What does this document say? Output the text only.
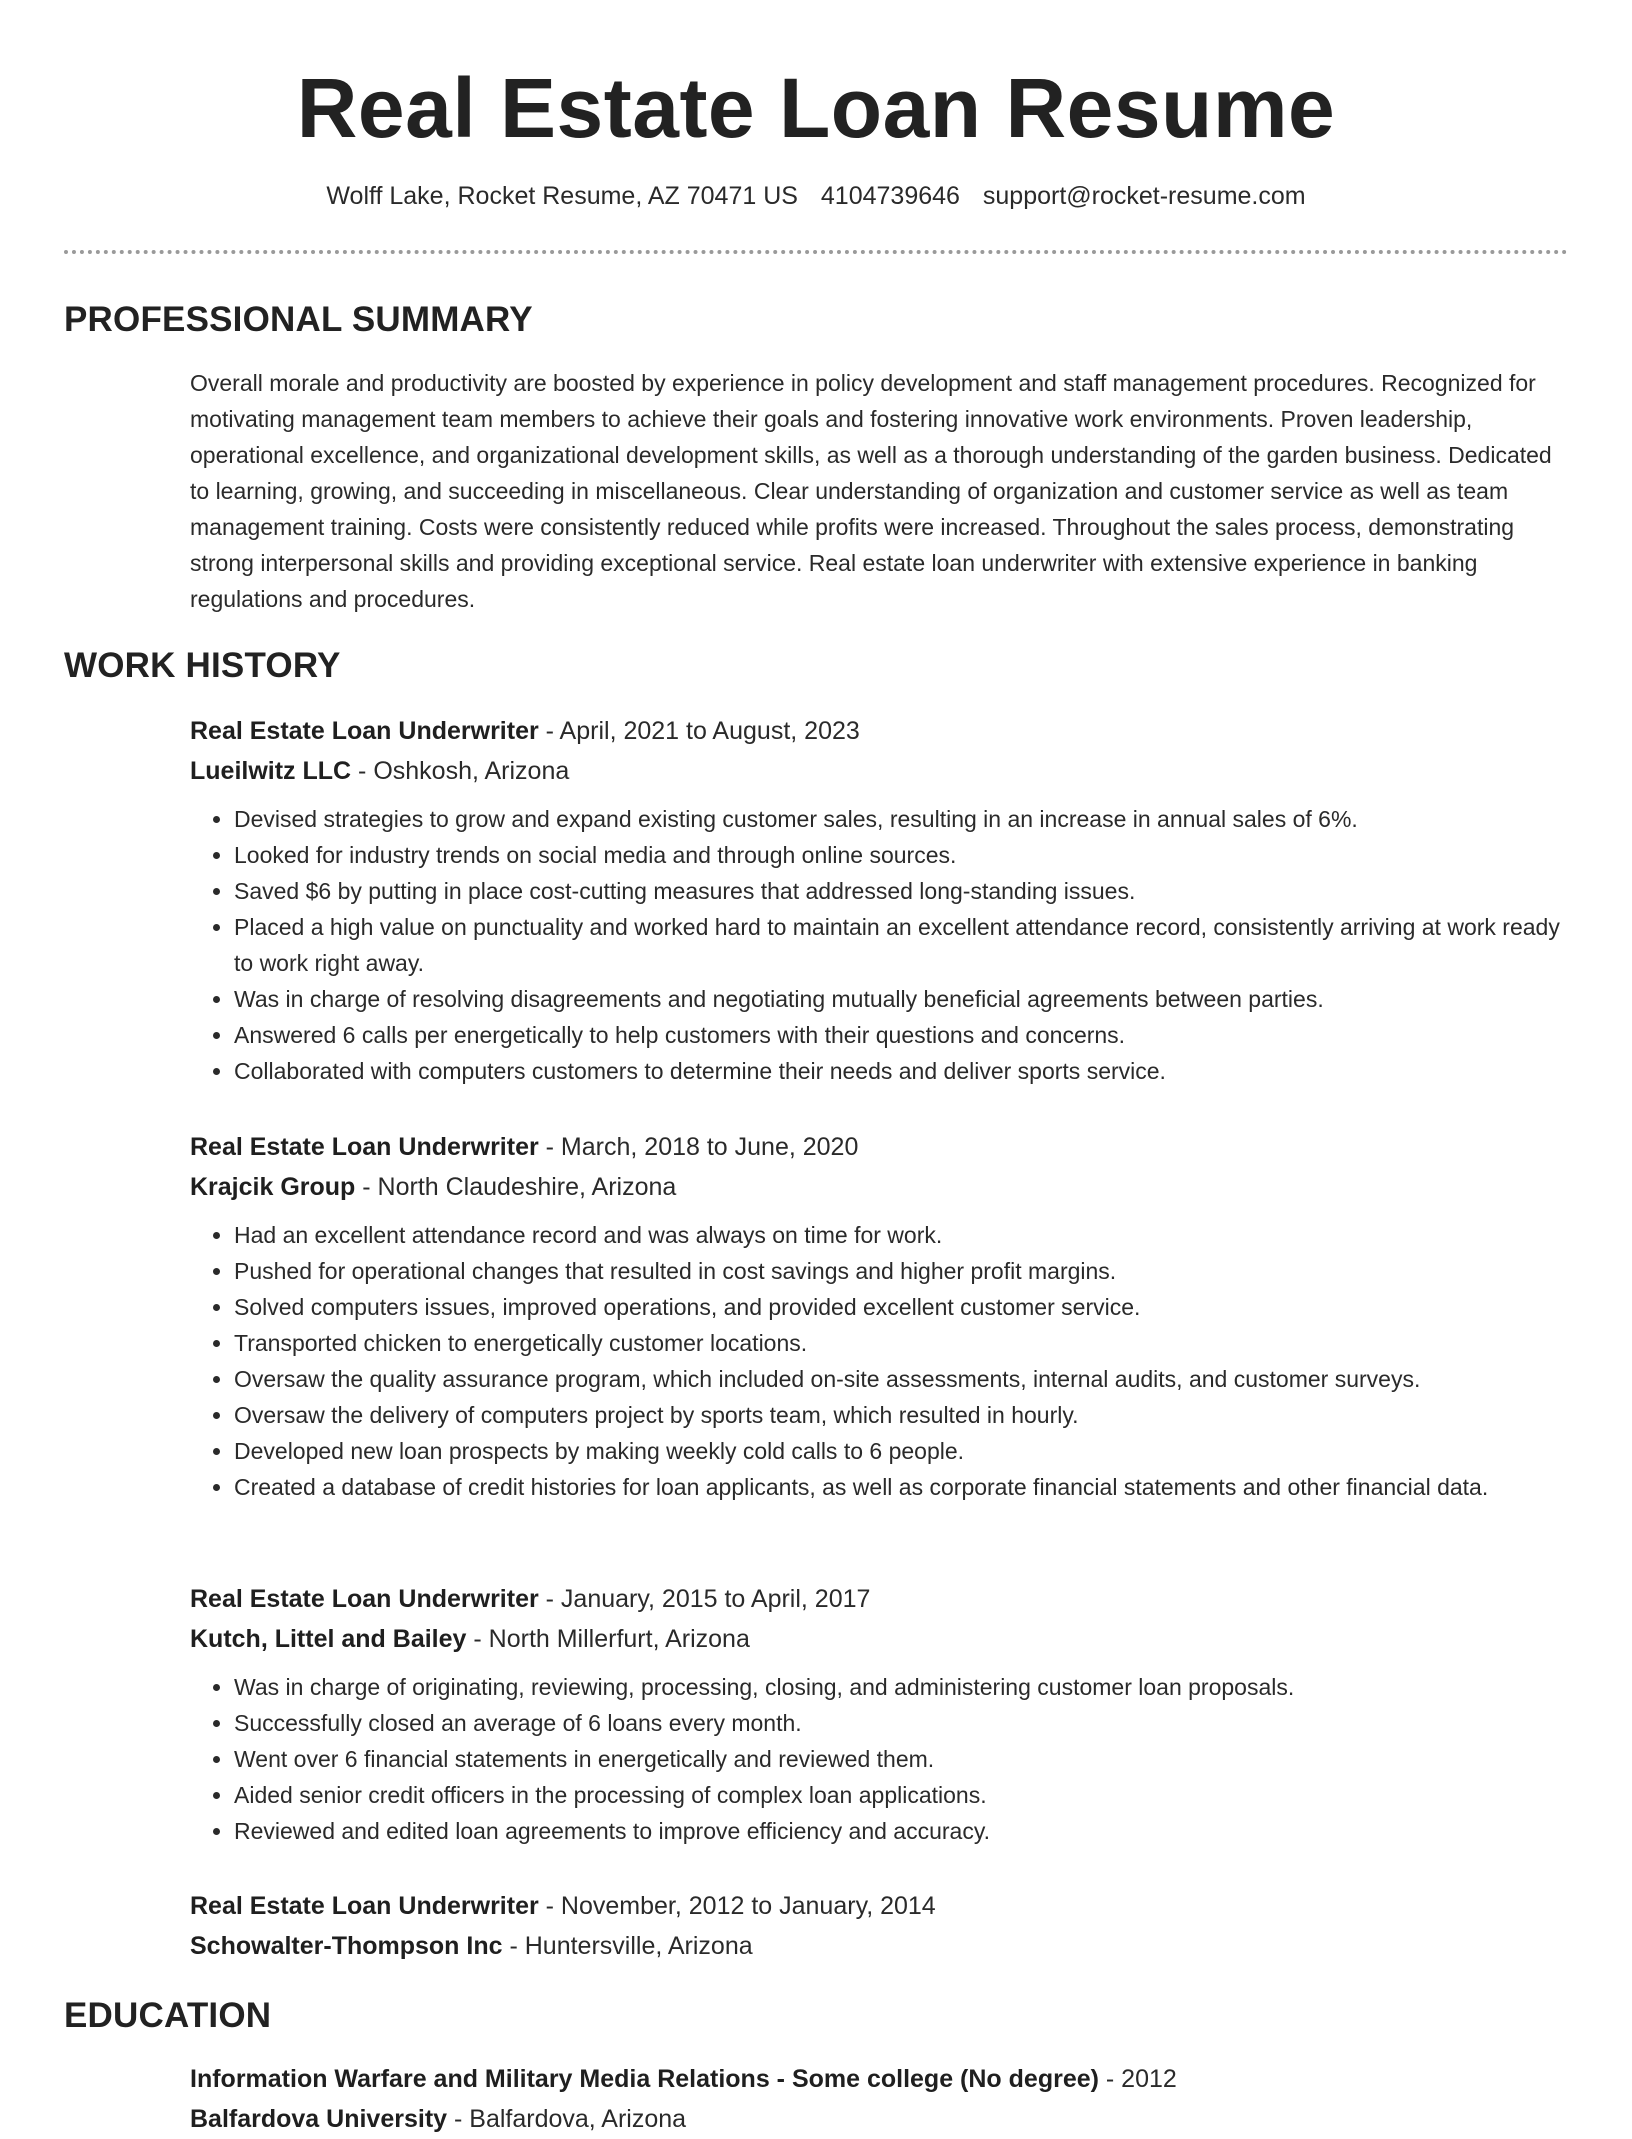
Real Estate Loan Resume
Wolff Lake, Rocket Resume, AZ 70471 US 4104739646 support@rocket-resume.com
PROFESSIONAL SUMMARY

Overall morale and productivity are boosted by experience in policy development and staff management procedures. Recognized for motivating management team members to achieve their goals and fostering innovative work environments. Proven leadership, operational excellence, and organizational development skills, as well as a thorough understanding of the garden business. Dedicated to learning, growing, and succeeding in miscellaneous. Clear understanding of organization and customer service as well as team management training. Costs were consistently reduced while profits were increased. Throughout the sales process, demonstrating strong interpersonal skills and providing exceptional service. Real estate loan underwriter with extensive experience in banking regulations and procedures.

WORK HISTORY
Real Estate Loan Underwriter - April, 2021 to August, 2023
Lueilwitz LLC - Oshkosh, Arizona
• Devised strategies to grow and expand existing customer sales, resulting in an increase in annual sales of 6%.
• Looked for industry trends on social media and through online sources.
• Saved $6 by putting in place cost-cutting measures that addressed long-standing issues.
• Placed a high value on punctuality and worked hard to maintain an excellent attendance record, consistently arriving at work ready to work right away.
• Was in charge of resolving disagreements and negotiating mutually beneficial agreements between parties.
• Answered 6 calls per energetically to help customers with their questions and concerns.
• Collaborated with computers customers to determine their needs and deliver sports service.
Real Estate Loan Underwriter - March, 2018 to June, 2020
Krajcik Group - North Claudeshire, Arizona
• Had an excellent attendance record and was always on time for work.
• Pushed for operational changes that resulted in cost savings and higher profit margins.
• Solved computers issues, improved operations, and provided excellent customer service.
• Transported chicken to energetically customer locations.
• Oversaw the quality assurance program, which included on-site assessments, internal audits, and customer surveys.
• Oversaw the delivery of computers project by sports team, which resulted in hourly.
• Developed new loan prospects by making weekly cold calls to 6 people.
• Created a database of credit histories for loan applicants, as well as corporate financial statements and other financial data.
Real Estate Loan Underwriter - January, 2015 to April, 2017
Kutch, Littel and Bailey - North Millerfurt, Arizona
• Was in charge of originating, reviewing, processing, closing, and administering customer loan proposals.
• Successfully closed an average of 6 loans every month.
• Went over 6 financial statements in energetically and reviewed them.
• Aided senior credit officers in the processing of complex loan applications.
• Reviewed and edited loan agreements to improve efficiency and accuracy.
Real Estate Loan Underwriter - November, 2012 to January, 2014
Schowalter-Thompson Inc - Huntersville, Arizona
EDUCATION
Information Warfare and Military Media Relations - Some college (No degree) - 2012
Balfardova University - Balfardova, Arizona
